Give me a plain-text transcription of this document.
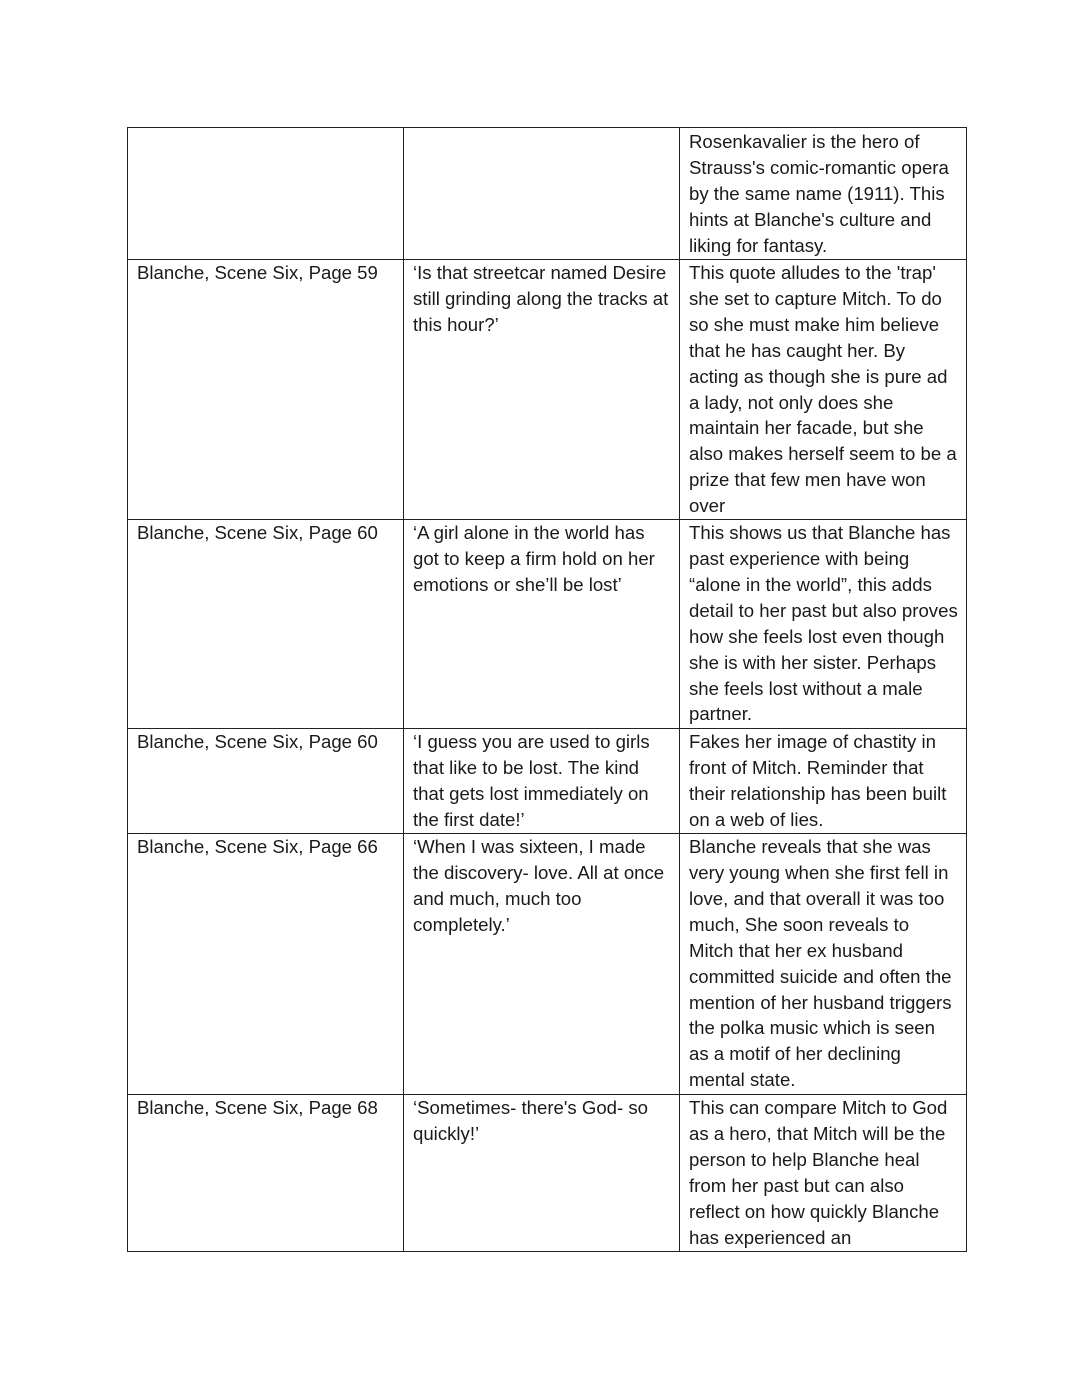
		Rosenkavalier is the hero of Strauss's comic-romantic opera by the same name (1911). This hints at Blanche's culture and liking for fantasy.

Blanche, Scene Six, Page 59	‘Is that streetcar named Desire still grinding along the tracks at this hour?’	This quote alludes to the 'trap' she set to capture Mitch. To do so she must make him believe that he has caught her. By acting as though she is pure ad a lady, not only does she maintain her facade, but she also makes herself seem to be a prize that few men have won over

Blanche, Scene Six, Page 60	‘A girl alone in the world has got to keep a firm hold on her emotions or she’ll be lost’	This shows us that Blanche has past experience with being “alone in the world”, this adds detail to her past but also proves how she feels lost even though she is with her sister. Perhaps she feels lost without a male partner.

Blanche, Scene Six, Page 60	‘I guess you are used to girls that like to be lost. The kind that gets lost immediately on the first date!’	Fakes her image of chastity in front of Mitch. Reminder that their relationship has been built on a web of lies.

Blanche, Scene Six, Page 66	‘When I was sixteen, I made the discovery- love. All at once and much, much too completely.’	Blanche reveals that she was very young when she first fell in love, and that overall it was too much, She soon reveals to Mitch that her ex husband committed suicide and often the mention of her husband triggers the polka music which is seen as a motif of her declining mental state.

Blanche, Scene Six, Page 68	‘Sometimes- there's God- so quickly!’	This can compare Mitch to God as a hero, that Mitch will be the person to help Blanche heal from her past but can also reflect on how quickly Blanche has experienced an
